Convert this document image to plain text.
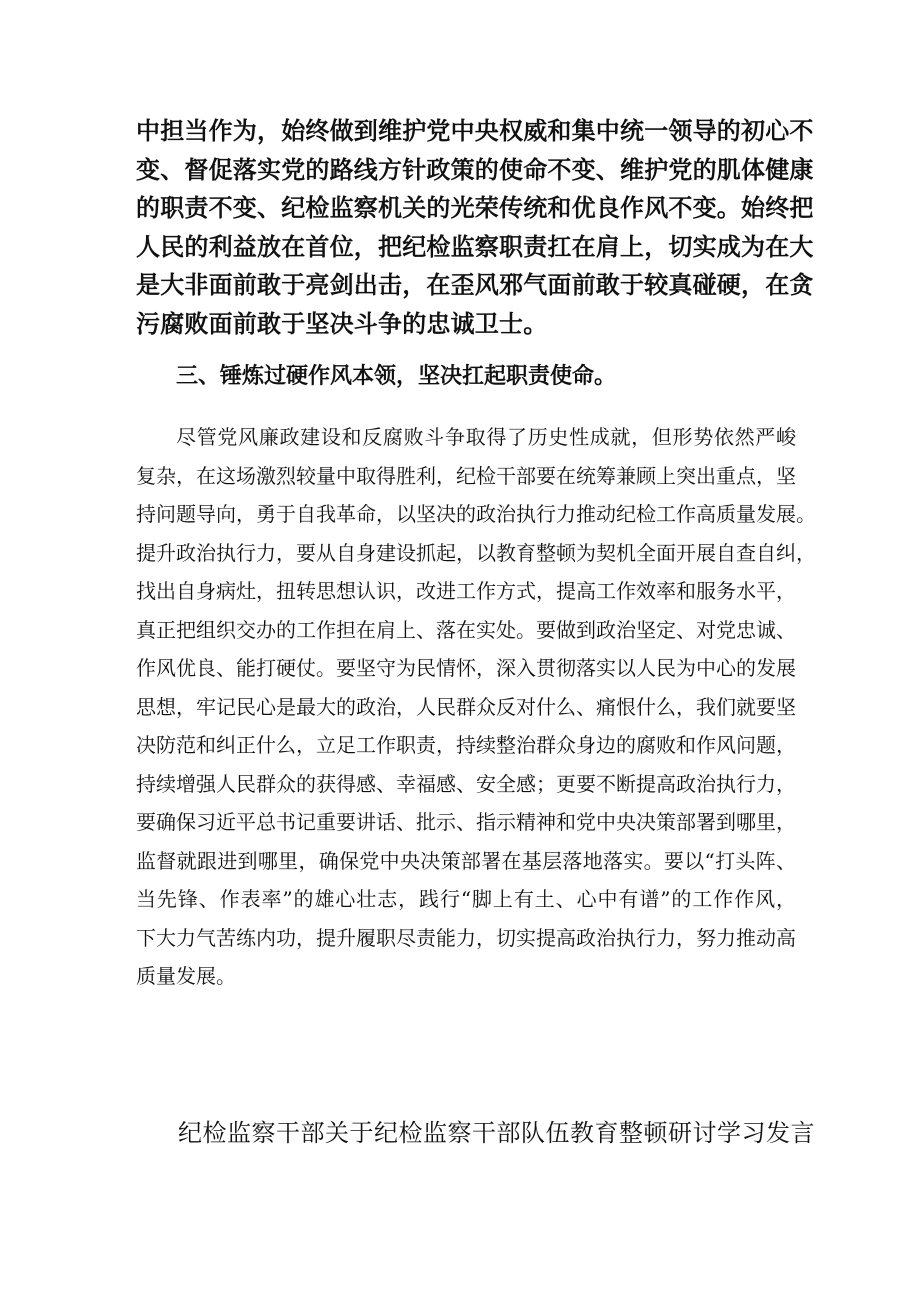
中担当作为，始终做到维护党中央权威和集中统一领导的初心不
变、督促落实党的路线方针政策的使命不变、维护党的肌体健康
的职责不变、纪检监察机关的光荣传统和优良作风不变。始终把
人民的利益放在首位，把纪检监察职责扛在肩上，切实成为在大
是大非面前敢于亮剑出击，在歪风邪气面前敢于较真碰硬，在贪
污腐败面前敢于坚决斗争的忠诚卫士。
三、锤炼过硬作风本领，坚决扛起职责使命。
尽管党风廉政建设和反腐败斗争取得了历史性成就，但形势依然严峻
复杂，在这场激烈较量中取得胜利，纪检干部要在统筹兼顾上突出重点，坚
持问题导向，勇于自我革命，以坚决的政治执行力推动纪检工作高质量发展。
提升政治执行力，要从自身建设抓起，以教育整顿为契机全面开展自查自纠，
找出自身病灶，扭转思想认识，改进工作方式，提高工作效率和服务水平，
真正把组织交办的工作担在肩上、落在实处。要做到政治坚定、对党忠诚、
作风优良、能打硬仗。要坚守为民情怀，深入贯彻落实以人民为中心的发展
思想，牢记民心是最大的政治，人民群众反对什么、痛恨什么，我们就要坚
决防范和纠正什么，立足工作职责，持续整治群众身边的腐败和作风问题，
持续增强人民群众的获得感、幸福感、安全感；更要不断提高政治执行力，
要确保习近平总书记重要讲话、批示、指示精神和党中央决策部署到哪里，
监督就跟进到哪里，确保党中央决策部署在基层落地落实。要以“打头阵、
当先锋、作表率”的雄心壮志，践行“脚上有土、心中有谱”的工作作风，
下大力气苦练内功，提升履职尽责能力，切实提高政治执行力，努力推动高
质量发展。
纪检监察干部关于纪检监察干部队伍教育整顿研讨学习发言
